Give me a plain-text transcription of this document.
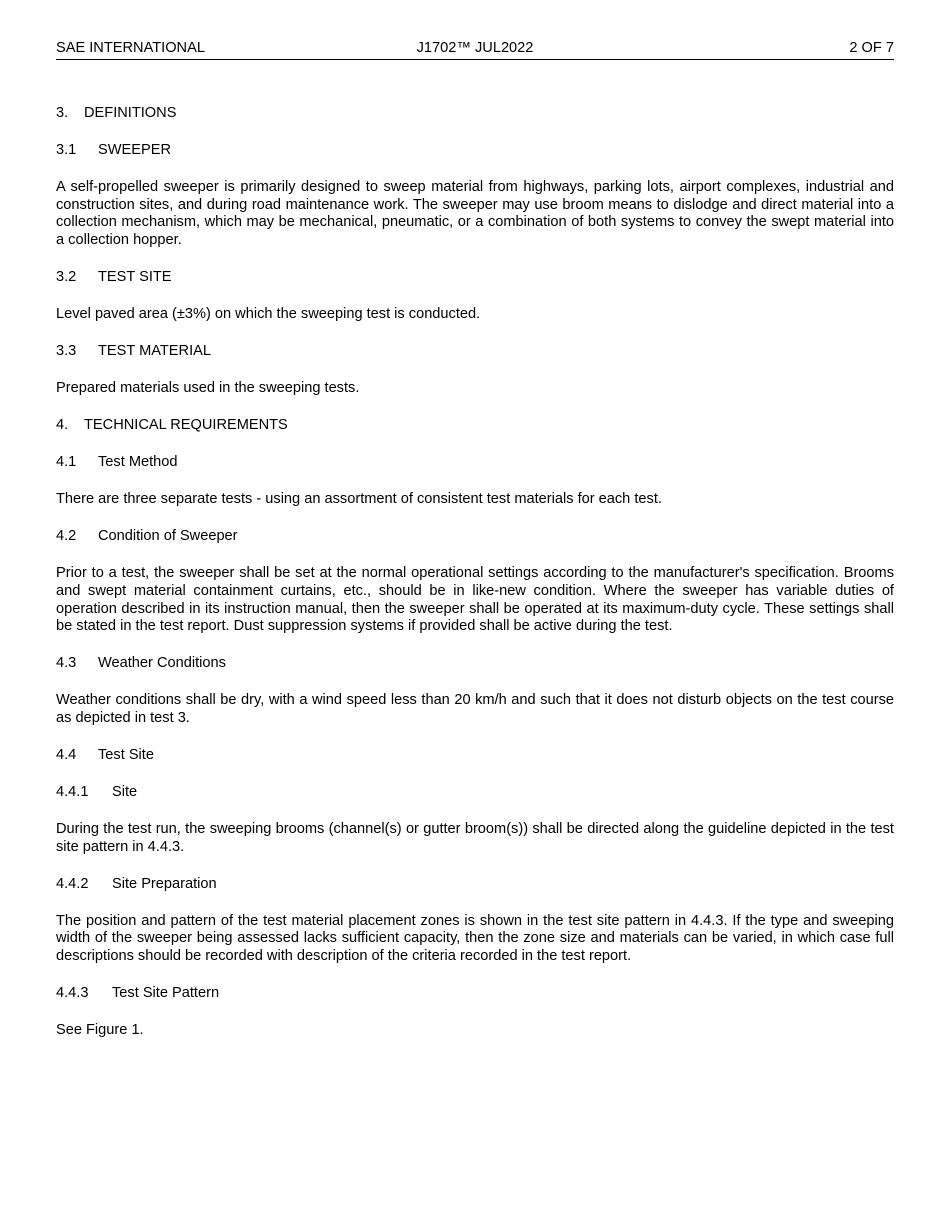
SAE INTERNATIONAL	J1702™ JUL2022	2 OF 7
3. DEFINITIONS
3.1 SWEEPER

A self-propelled sweeper is primarily designed to sweep material from highways, parking lots, airport complexes, industrial and construction sites, and during road maintenance work. The sweeper may use broom means to dislodge and direct material into a collection mechanism, which may be mechanical, pneumatic, or a combination of both systems to convey the swept material into a collection hopper.

3.2 TEST SITE

Level paved area (±3%) on which the sweeping test is conducted.

3.3 TEST MATERIAL

Prepared materials used in the sweeping tests.

4. TECHNICAL REQUIREMENTS
4.1 Test Method

There are three separate tests - using an assortment of consistent test materials for each test.

4.2 Condition of Sweeper

Prior to a test, the sweeper shall be set at the normal operational settings according to the manufacturer's specification. Brooms and swept material containment curtains, etc., should be in like-new condition. Where the sweeper has variable duties of operation described in its instruction manual, then the sweeper shall be operated at its maximum-duty cycle. These settings shall be stated in the test report. Dust suppression systems if provided shall be active during the test.

4.3 Weather Conditions

Weather conditions shall be dry, with a wind speed less than 20 km/h and such that it does not disturb objects on the test course as depicted in test 3.

4.4 Test Site
4.4.1 Site

During the test run, the sweeping brooms (channel(s) or gutter broom(s)) shall be directed along the guideline depicted in the test site pattern in 4.4.3.

4.4.2 Site Preparation

The position and pattern of the test material placement zones is shown in the test site pattern in 4.4.3. If the type and sweeping width of the sweeper being assessed lacks sufficient capacity, then the zone size and materials can be varied, in which case full descriptions should be recorded with description of the criteria recorded in the test report.

4.4.3 Test Site Pattern

See Figure 1.
